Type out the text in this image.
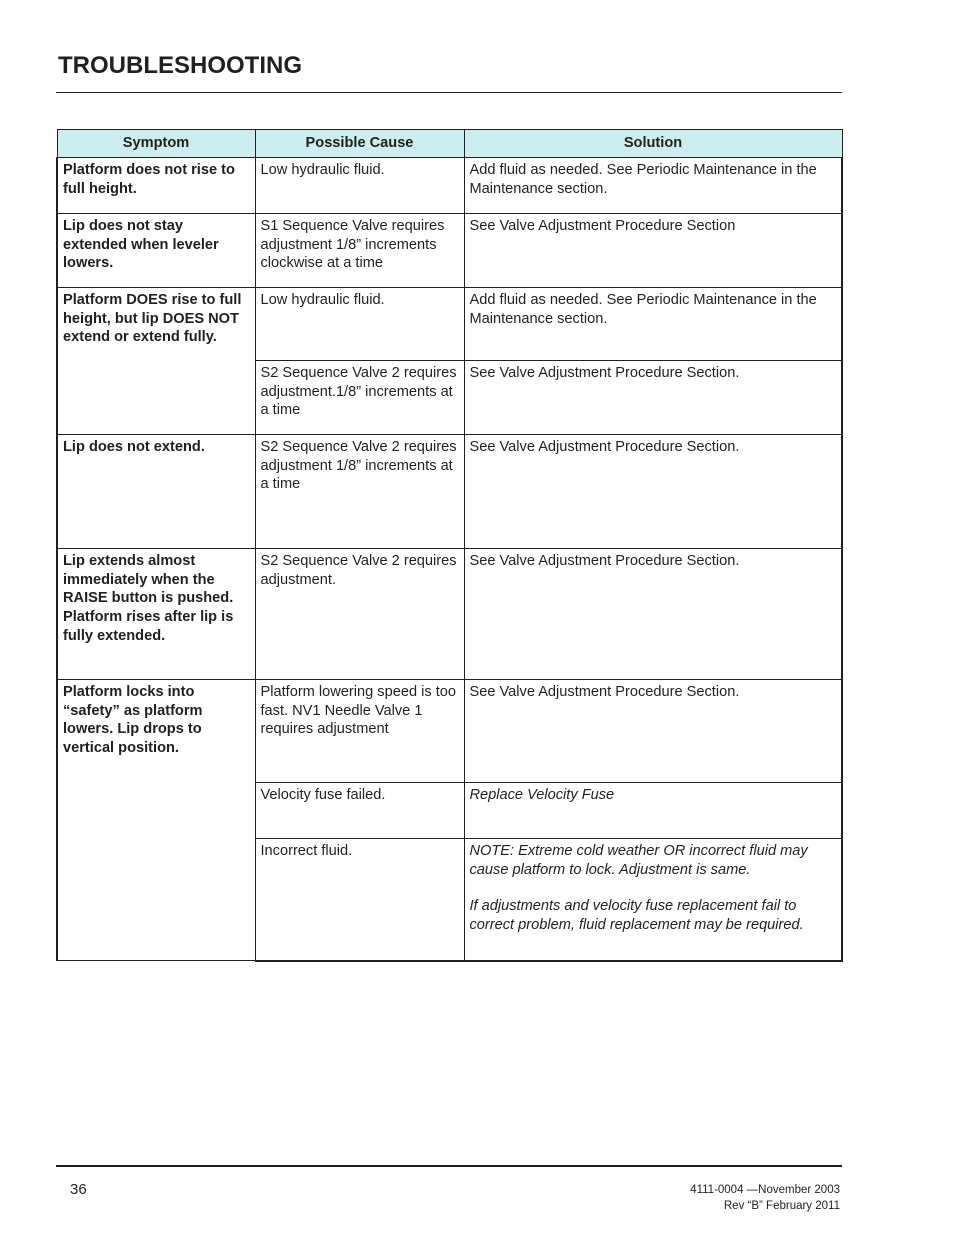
TROUBLESHOOTING
Symptom	Possible Cause	Solution
Platform does not rise to full height.	Low hydraulic fluid.	Add fluid as needed. See Periodic Maintenance in the Maintenance section.
Lip does not stay extended when leveler lowers.	S1 Sequence Valve requires adjustment 1/8” increments clockwise at a time	See Valve Adjustment Procedure Section
Platform DOES rise to full height, but lip DOES NOT extend or extend fully.	Low hydraulic fluid.	Add fluid as needed. See Periodic Maintenance in the Maintenance section.
	S2 Sequence Valve 2 requires adjustment.1/8” increments at a time	See Valve Adjustment Procedure Section.
Lip does not extend.	S2 Sequence Valve 2 requires adjustment 1/8” increments at a time	See Valve Adjustment Procedure Section.
Lip extends almost immediately when the RAISE button is pushed. Platform rises after lip is fully extended.	S2 Sequence Valve 2 requires adjustment.	See Valve Adjustment Procedure Section.
Platform locks into “safety” as platform lowers. Lip drops to vertical position.	Platform lowering speed is too fast. NV1 Needle Valve 1 requires adjustment	See Valve Adjustment Procedure Section.
	Velocity fuse failed.	Replace Velocity Fuse
	Incorrect fluid.	NOTE: Extreme cold weather OR incorrect fluid may cause platform to lock. Adjustment is same.
If adjustments and velocity fuse replacement fail to correct problem, fluid replacement may be required.
36	4111-0004 —November 2003
Rev “B” February 2011
